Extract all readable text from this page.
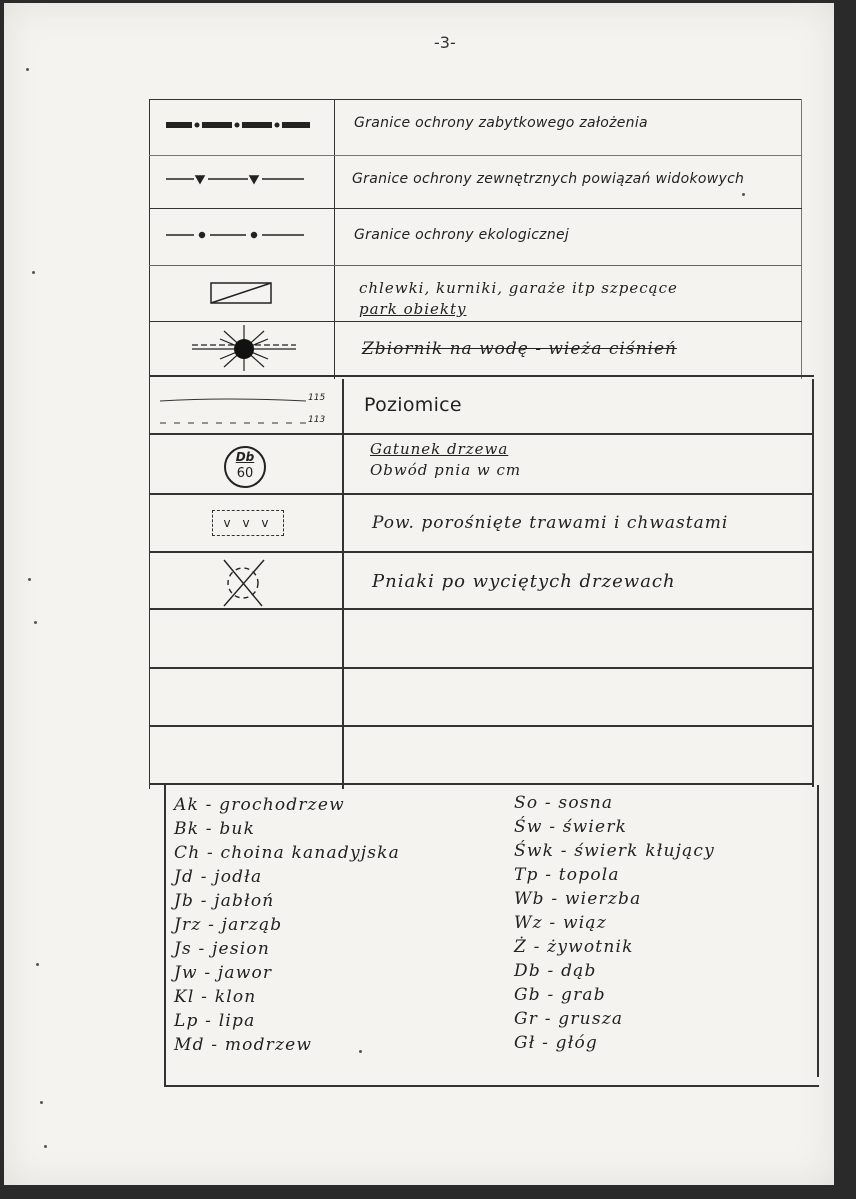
-3-
Granice ochrony zabytkowego założenia
Granice ochrony zewnętrznych powiązań widokowych
Granice ochrony ekologicznej
chlewki, kurniki, garaże itp szpecące
park obiekty
Zbiornik na wodę - wieża ciśnień
115
113
Poziomice
Db
60
Gatunek drzewa
Obwód pnia w cm
v v v	Pow. porośnięte trawami i chwastami
Pniaki po wyciętych drzewach
Ak - grochodrzew
Bk - buk
Ch - choina kanadyjska
Jd - jodła
Jb - jabłoń
Jrz - jarząb
Js - jesion
Jw - jawor
Kl - klon
Lp - lipa
Md - modrzew
So - sosna
Św - świerk
Śwk - świerk kłujący
Tp - topola
Wb - wierzba
Wz - wiąz
Ż - żywotnik
Db - dąb
Gb - grab
Gr - grusza
Gł - głóg
